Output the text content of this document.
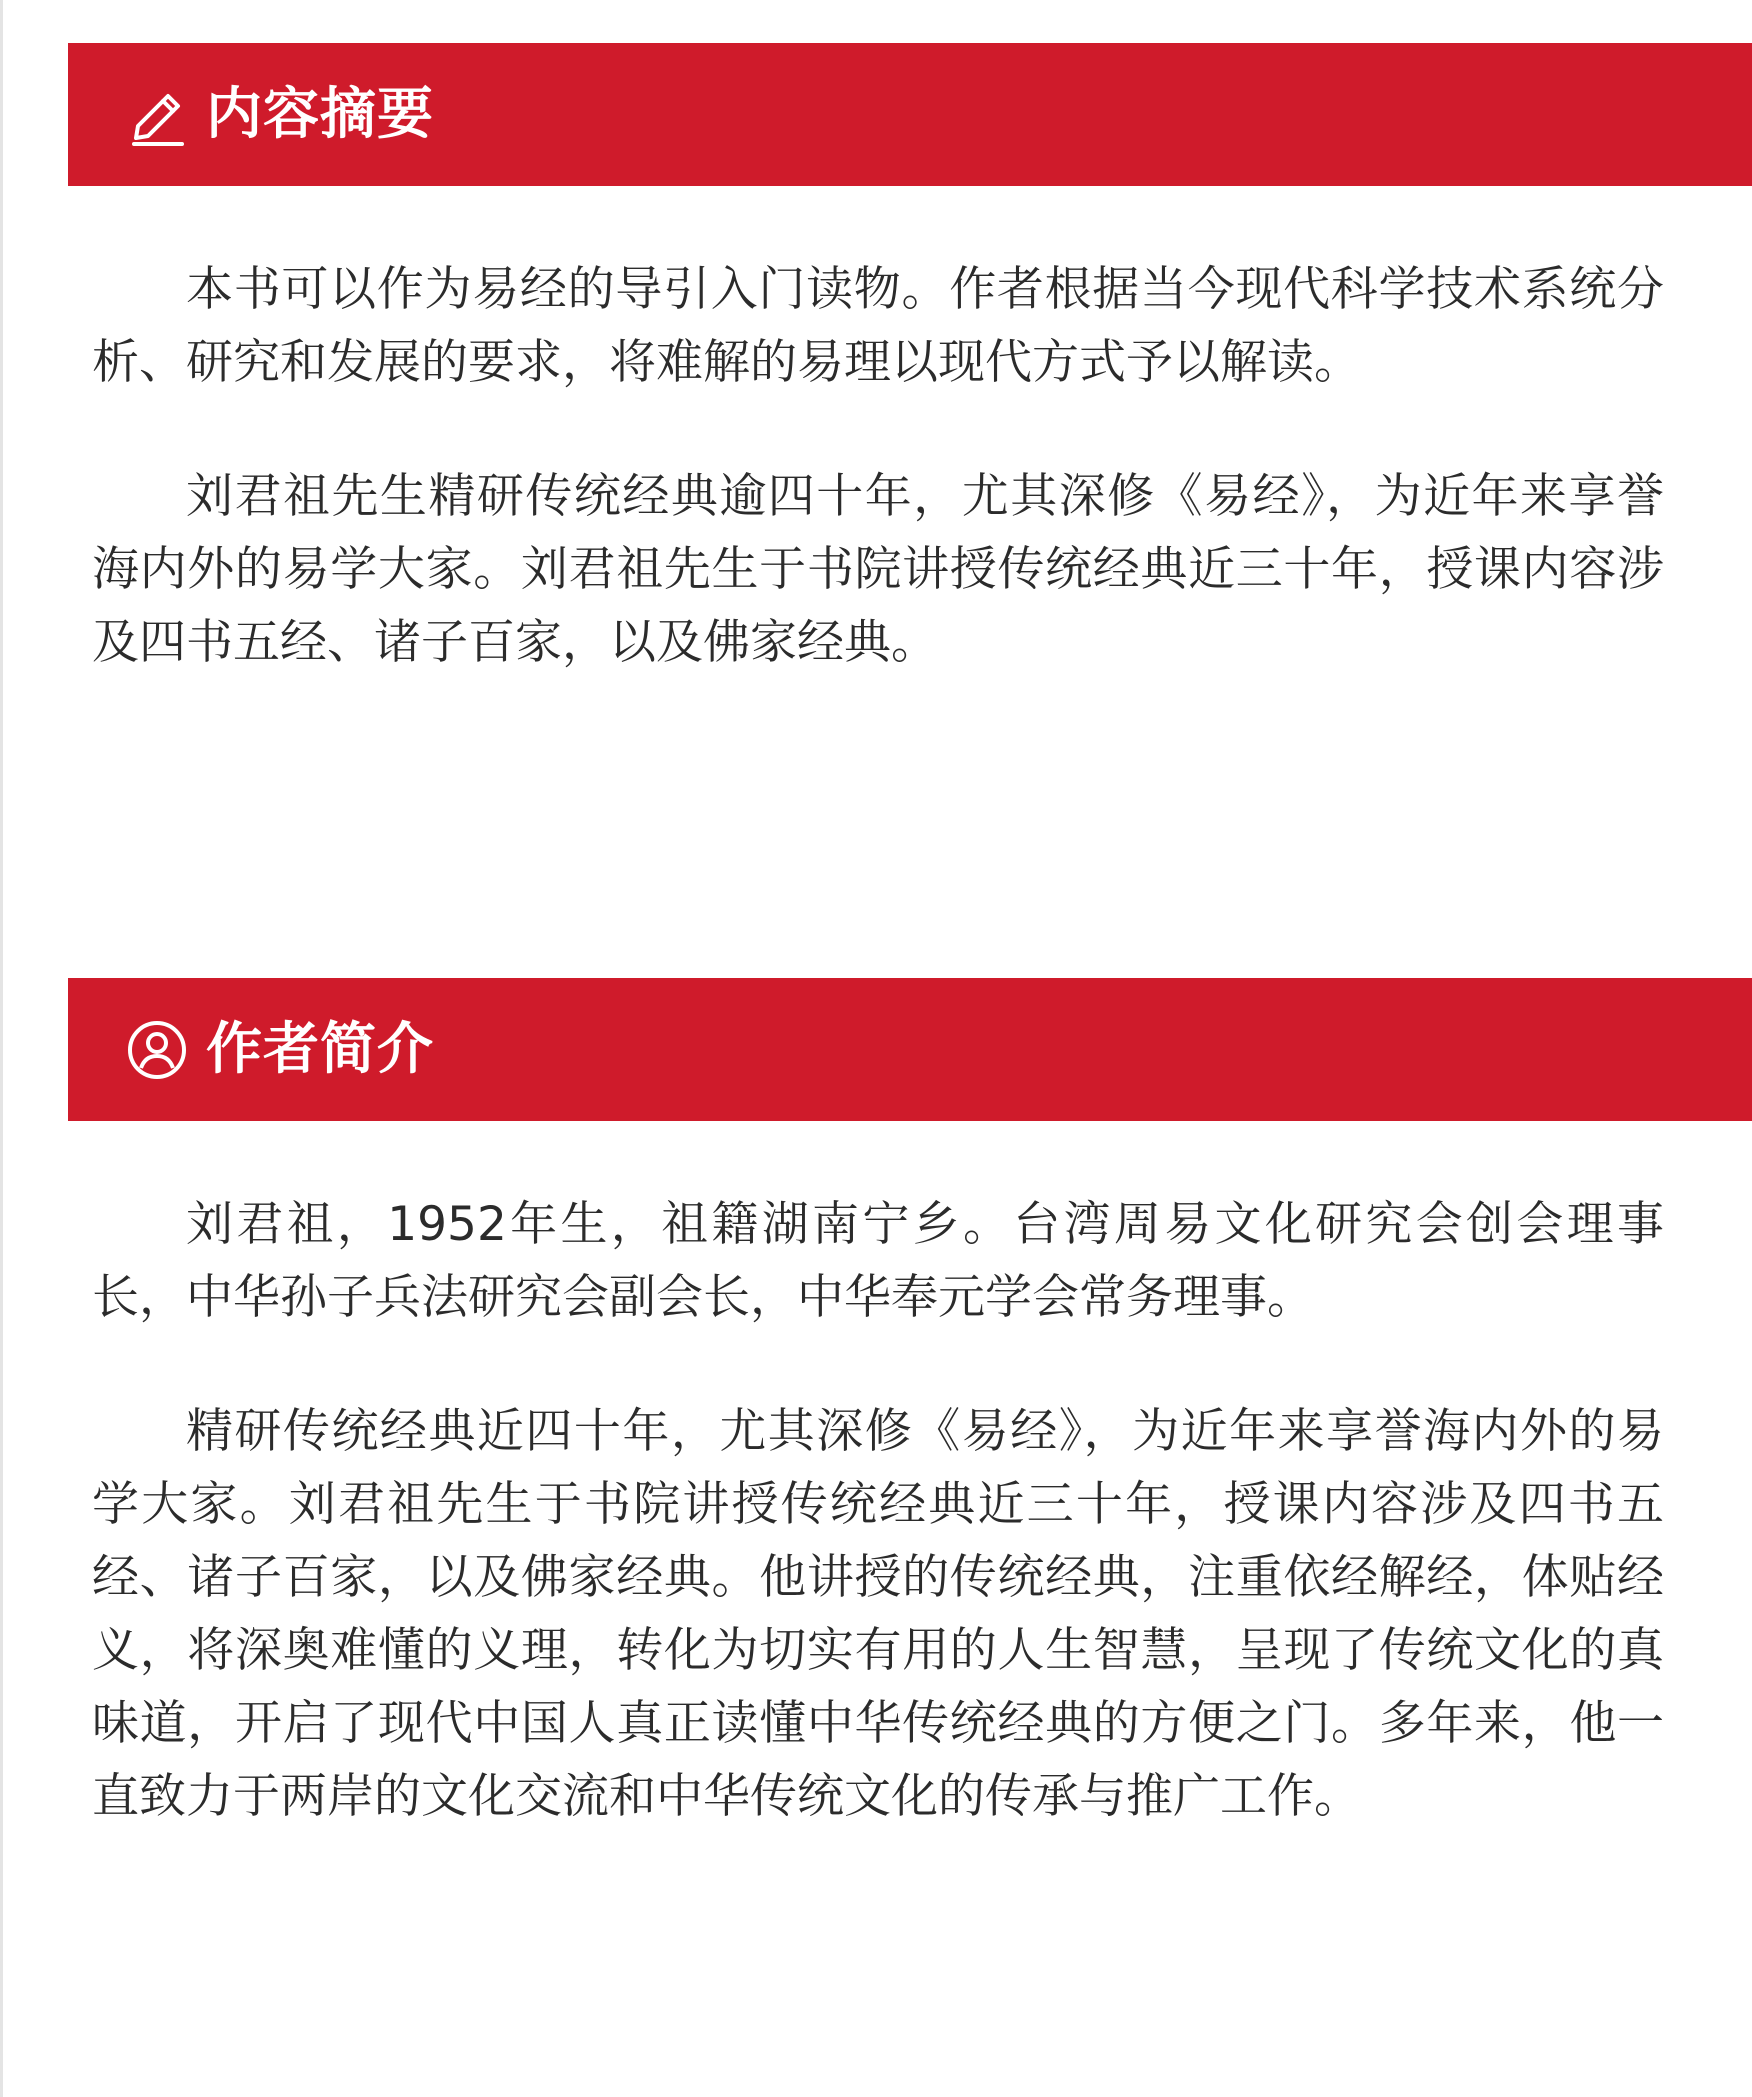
内容摘要

本书可以作为易经的导引入门读物。作者根据当今现代科学技术系统分析、研究和发展的要求，将难解的易理以现代方式予以解读。

刘君祖先生精研传统经典逾四十年，尤其深修《易经》，为近年来享誉海内外的易学大家。刘君祖先生于书院讲授传统经典近三十年，授课内容涉及四书五经、诸子百家，以及佛家经典。

作者简介

刘君祖，1952年生，祖籍湖南宁乡。台湾周易文化研究会创会理事长，中华孙子兵法研究会副会长，中华奉元学会常务理事。

精研传统经典近四十年，尤其深修《易经》，为近年来享誉海内外的易学大家。刘君祖先生于书院讲授传统经典近三十年，授课内容涉及四书五经、诸子百家，以及佛家经典。他讲授的传统经典，注重依经解经，体贴经义，将深奥难懂的义理，转化为切实有用的人生智慧，呈现了传统文化的真味道，开启了现代中国人真正读懂中华传统经典的方便之门。多年来，他一直致力于两岸的文化交流和中华传统文化的传承与推广工作。
